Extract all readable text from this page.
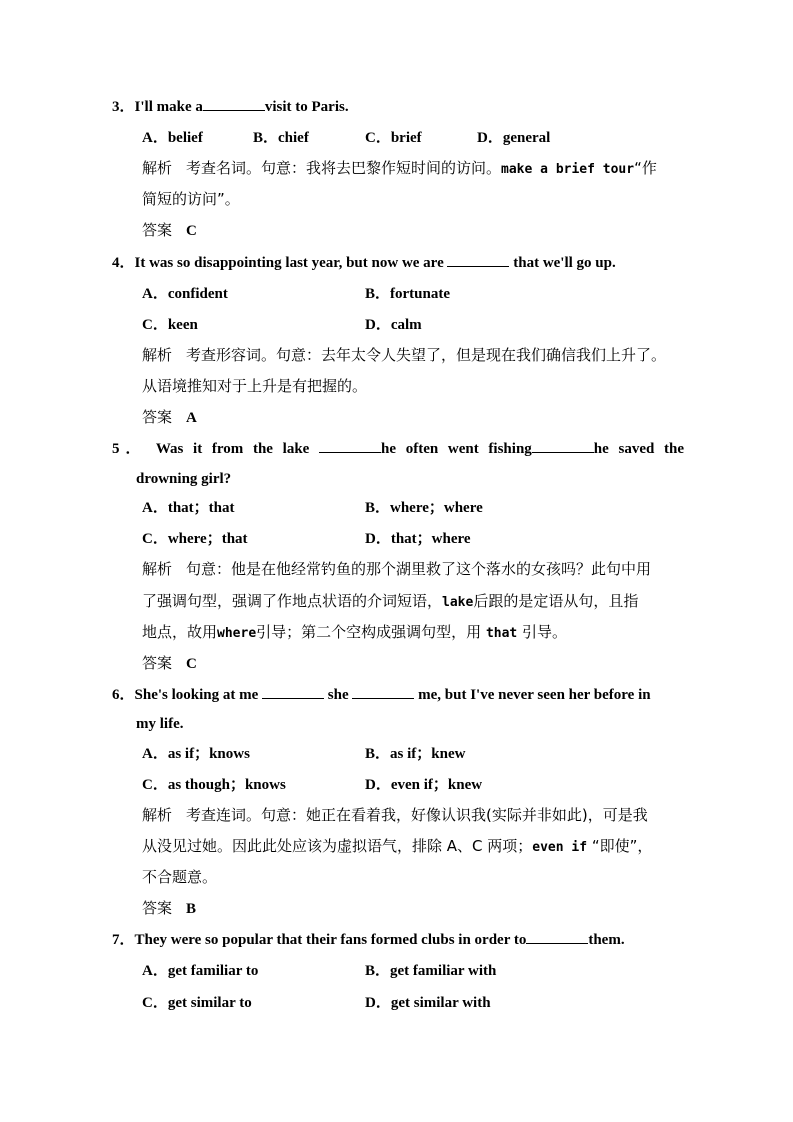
3．I'll make a	visit to Paris.
A．belief	B．chief	C．brief	D．general
解析 考查名词。句意：我将去巴黎作短时间的访问。make a brief tour“作
简短的访问”。
答案 C
4．It was so disappointing last year, but now we are	that we'll go up.
A．confident	B．fortunate
C．keen	D．calm
解析 考查形容词。句意：去年太令人失望了，但是现在我们确信我们上升了。
从语境推知对于上升是有把握的。
答案 A
5． Was it from the lake	he often went fishing	he saved the
drowning girl?
A．that；that	B．where；where
C．where；that	D．that；where
解析 句意：他是在他经常钓鱼的那个湖里救了这个落水的女孩吗？此句中用
了强调句型，强调了作地点状语的介词短语，lake后跟的是定语从句，且指
地点，故用where引导；第二个空构成强调句型，用 that 引导。
答案 C
6．She's looking at me	she	me, but I've never seen her before in
my life.
A．as if；knows	B．as if；knew
C．as though；knows	D．even if；knew
解析 考查连词。句意：她正在看着我，好像认识我(实际并非如此)，可是我
从没见过她。因此此处应该为虚拟语气，排除 A、C 两项；even if “即使”，
不合题意。
答案 B
7．They were so popular that their fans formed clubs in order to	them.
A．get familiar to	B．get familiar with
C．get similar to	D．get similar with
